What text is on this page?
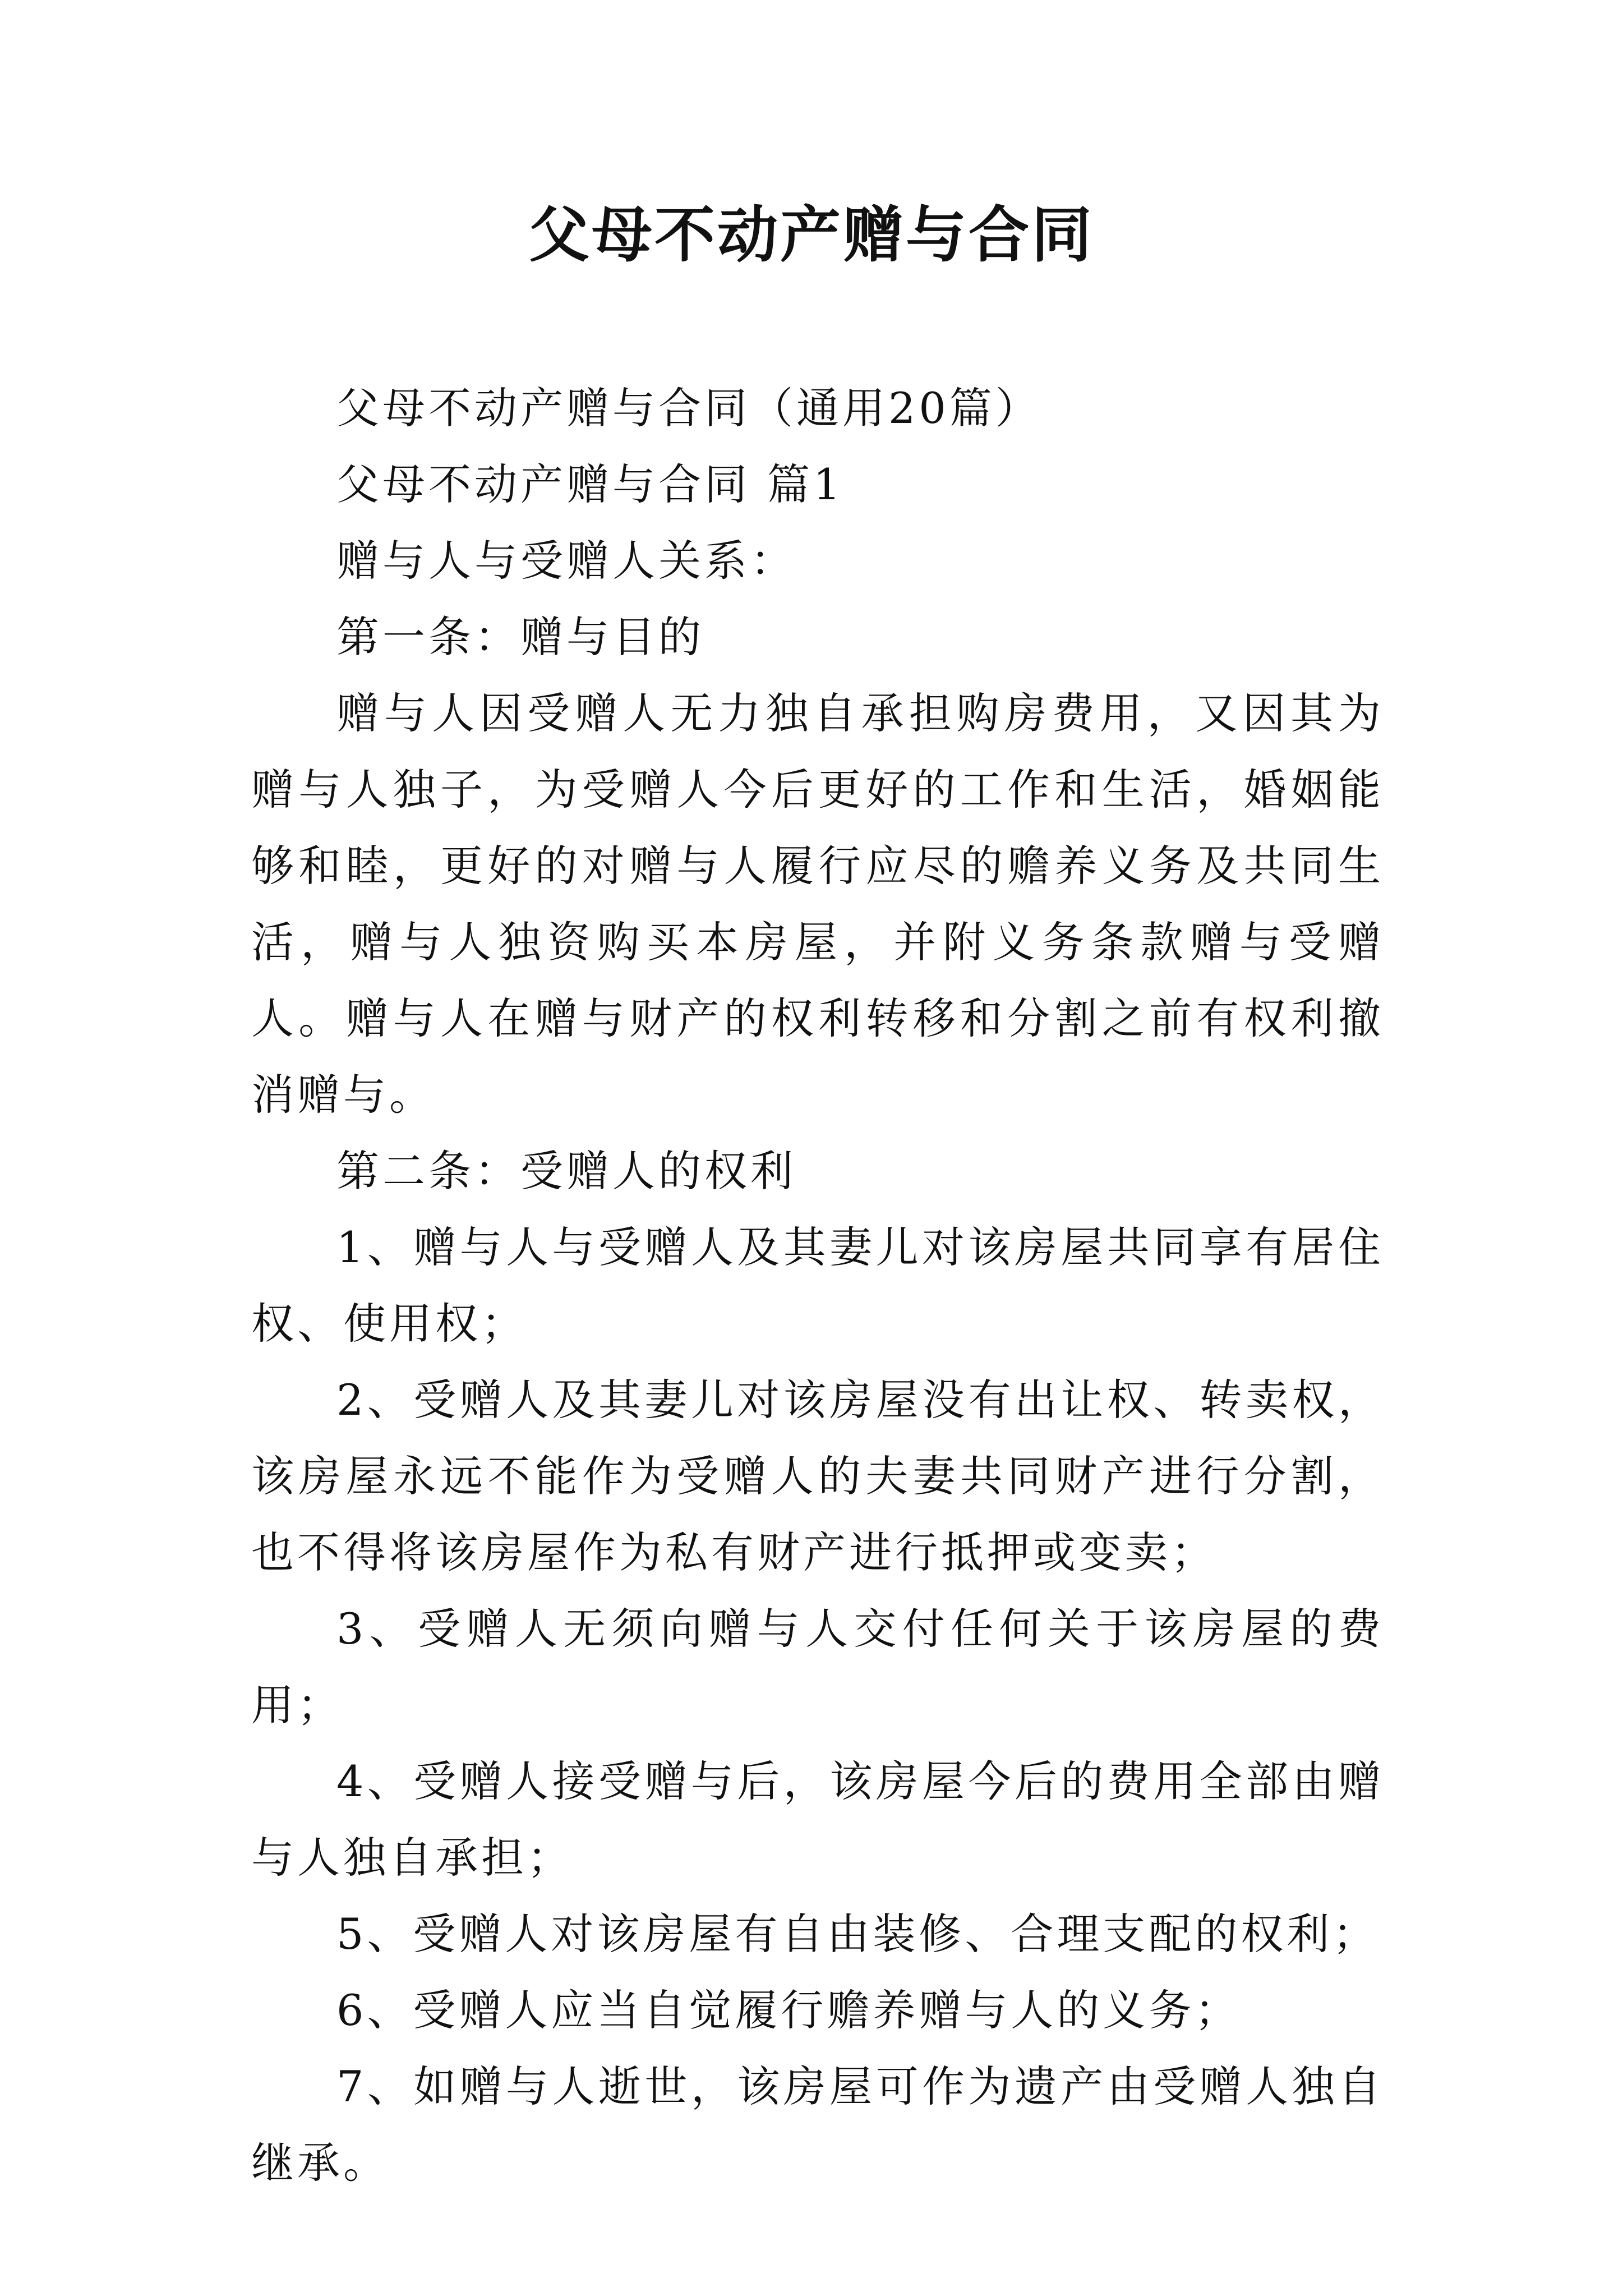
父母不动产赠与合同

父母不动产赠与合同（通用20篇）

父母不动产赠与合同 篇1

赠与人与受赠人关系：

第一条：赠与目的

赠与人因受赠人无力独自承担购房费用，又因其为赠与人独子，为受赠人今后更好的工作和生活，婚姻能够和睦，更好的对赠与人履行应尽的赡养义务及共同生活，赠与人独资购买本房屋，并附义务条款赠与受赠人。赠与人在赠与财产的权利转移和分割之前有权利撤消赠与。

第二条：受赠人的权利

1、赠与人与受赠人及其妻儿对该房屋共同享有居住权、使用权；

2、受赠人及其妻儿对该房屋没有出让权、转卖权，该房屋永远不能作为受赠人的夫妻共同财产进行分割，也不得将该房屋作为私有财产进行抵押或变卖；

3、受赠人无须向赠与人交付任何关于该房屋的费用；

4、受赠人接受赠与后，该房屋今后的费用全部由赠与人独自承担；

5、受赠人对该房屋有自由装修、合理支配的权利；

6、受赠人应当自觉履行赡养赠与人的义务；

7、如赠与人逝世，该房屋可作为遗产由受赠人独自继承。
